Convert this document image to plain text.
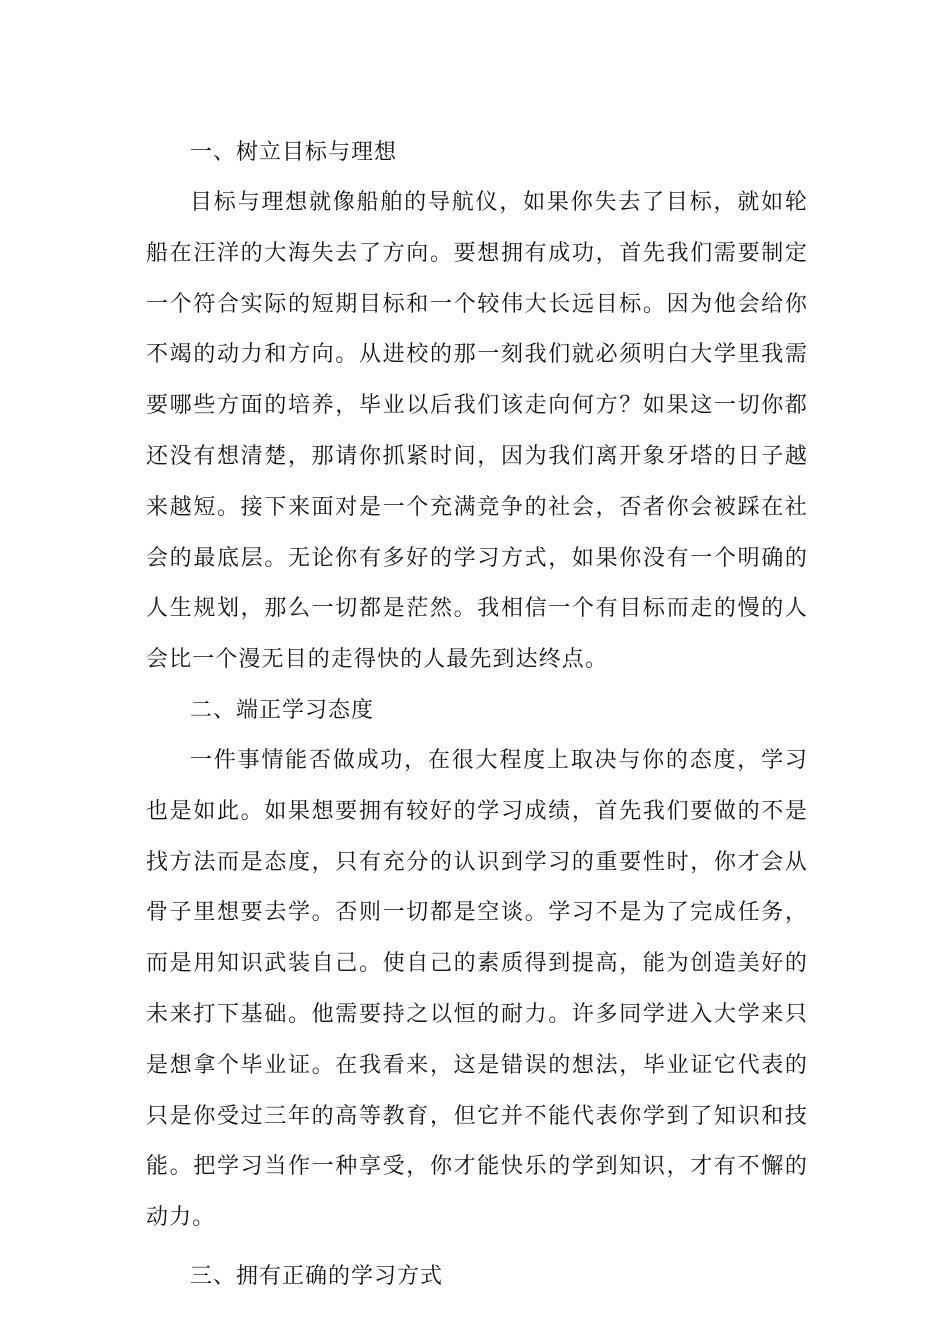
一、树立目标与理想

目标与理想就像船舶的导航仪，如果你失去了目标，就如轮船在汪洋的大海失去了方向。要想拥有成功，首先我们需要制定一个符合实际的短期目标和一个较伟大长远目标。因为他会给你不竭的动力和方向。从进校的那一刻我们就必须明白大学里我需要哪些方面的培养，毕业以后我们该走向何方？如果这一切你都还没有想清楚，那请你抓紧时间，因为我们离开象牙塔的日子越来越短。接下来面对是一个充满竞争的社会，否者你会被踩在社会的最底层。无论你有多好的学习方式，如果你没有一个明确的人生规划，那么一切都是茫然。我相信一个有目标而走的慢的人会比一个漫无目的走得快的人最先到达终点。

二、端正学习态度

一件事情能否做成功，在很大程度上取决与你的态度，学习也是如此。如果想要拥有较好的学习成绩，首先我们要做的不是找方法而是态度，只有充分的认识到学习的重要性时，你才会从骨子里想要去学。否则一切都是空谈。学习不是为了完成任务，而是用知识武装自己。使自己的素质得到提高，能为创造美好的未来打下基础。他需要持之以恒的耐力。许多同学进入大学来只是想拿个毕业证。在我看来，这是错误的想法，毕业证它代表的只是你受过三年的高等教育，但它并不能代表你学到了知识和技能。把学习当作一种享受，你才能快乐的学到知识，才有不懈的动力。

三、拥有正确的学习方式
